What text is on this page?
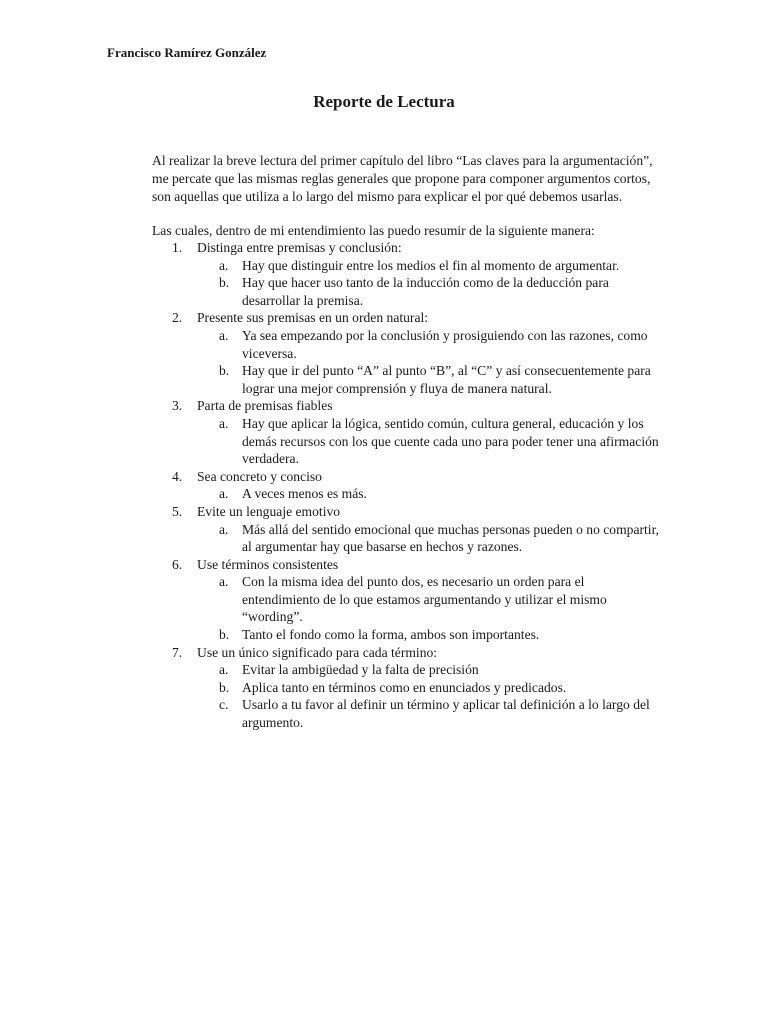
Francisco Ramírez González
Reporte de Lectura

Al realizar la breve lectura del primer capítulo del libro “Las claves para la argumentación”, me percate que las mismas reglas generales que propone para componer argumentos cortos, son aquellas que utiliza a lo largo del mismo para explicar el por qué debemos usarlas.

Las cuales, dentro de mi entendimiento las puedo resumir de la siguiente manera:

1. Distinga entre premisas y conclusión:
a. Hay que distinguir entre los medios el fin al momento de argumentar.
b. Hay que hacer uso tanto de la inducción como de la deducción para desarrollar la premisa.
2. Presente sus premisas en un orden natural:
a. Ya sea empezando por la conclusión y prosiguiendo con las razones, como viceversa.
b. Hay que ir del punto “A” al punto “B”, al “C” y así consecuentemente para lograr una mejor comprensión y fluya de manera natural.
3. Parta de premisas fiables
a. Hay que aplicar la lógica, sentido común, cultura general, educación y los demás recursos con los que cuente cada uno para poder tener una afirmación verdadera.
4. Sea concreto y conciso
a. A veces menos es más.
5. Evite un lenguaje emotivo
a. Más allá del sentido emocional que muchas personas pueden o no compartir, al argumentar hay que basarse en hechos y razones.
6. Use términos consistentes
a. Con la misma idea del punto dos, es necesario un orden para el entendimiento de lo que estamos argumentando y utilizar el mismo “wording”.
b. Tanto el fondo como la forma, ambos son importantes.
7. Use un único significado para cada término:
a. Evitar la ambigüedad y la falta de precisión
b. Aplica tanto en términos como en enunciados y predicados.
c. Usarlo a tu favor al definir un término y aplicar tal definición a lo largo del argumento.
